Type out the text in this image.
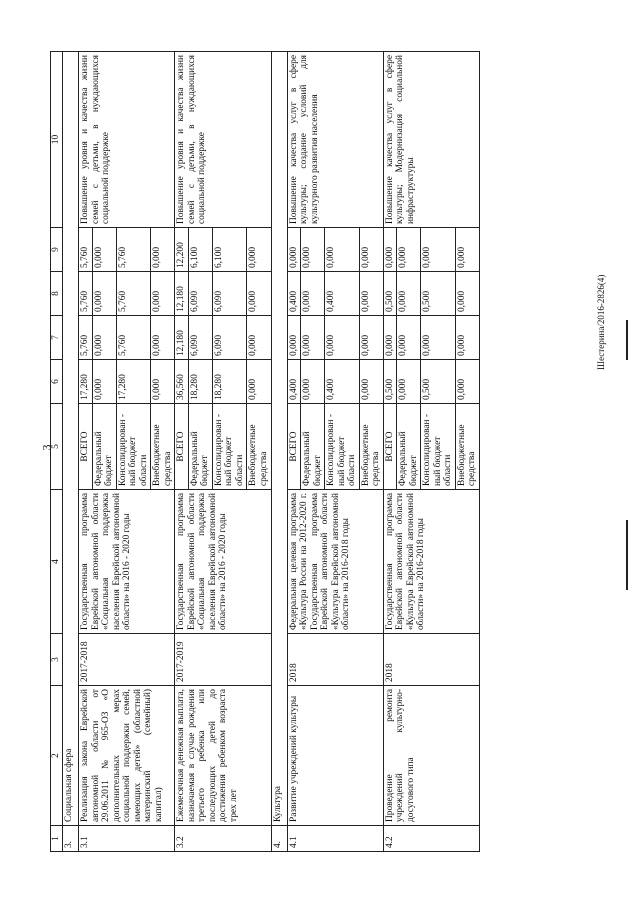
3
Шестерина/2016-2826(4)
1	2	3	4	5	6	7	8	9	10
3.	Социальная сфера								
3.1	Реализация закона Еврейской автономной области от 29.06.2011 № 965-ОЗ «О дополнительных мерах социальной поддержки семей, имеющих детей» (областной материнский (семейный) капитал)	2017-2018	Государственная программа Еврейской автономной области «Социальная поддержка населения Еврейской автономной области» на 2016 - 2020 годы	ВСЕГО	17,280	5,760	5,760	5,760	Повышение уровня и качества жизни семей с детьми, в нуждающихся социальной поддержке
				Федеральный бюджет	0,000	0,000	0,000	0,000	
				Консолидирован - ный бюджет области	17,280	5,760	5,760	5,760	
				Внебюджетные средства	0,000	0,000	0,000	0,000	
3.2	Ежемесячная денежная выплата, назначаемая в случае рождения третьего ребенка или последующих детей до достижения ребенком возраста трех лет	2017-2019	Государственная программа Еврейской автономной области «Социальная поддержка населения Еврейской автономной области» на 2016 - 2020 годы	ВСЕГО	36,560	12,180	12,180	12,200	Повышение уровня и качества жизни семей с детьми, в нуждающихся социальной поддержке
				Федеральный бюджет	18,280	6,090	6,090	6,100	
				Консолидирован - ный бюджет области	18,280	6,090	6,090	6,100	
				Внебюджетные средства	0,000	0,000	0,000	0,000	
4.	Культура								
4.1	Развитие учреждений культуры	2018	Федеральная целевая программа «Культура России на 2012-2020 г. Государственная программа Еврейской автономной области «Культура Еврейской автономной области» на 2016-2018 годы	ВСЕГО	0,400	0,000	0,400	0,000	Повышение качества услуг в сфере культуры; создание условий для культурного развития населения
				Федеральный бюджет	0,000	0,000	0,000	0,000	
				Консолидирован - ный бюджет области	0,400	0,000	0,400	0,000	
				Внебюджетные средства	0,000	0,000	0,000	0,000	
4.2	Проведение ремонта учреждений культурно-досугового типа	2018	Государственная программа Еврейской автономной области «Культура Еврейской автономной области» на 2016-2018 годы	ВСЕГО	0,500	0,000	0,500	0,000	Повышение качества услуг в сфере культуры; Модернизация социальной инфраструктуры
				Федеральный бюджет	0,000	0,000	0,000	0,000	
				Консолидирован - ный бюджет области	0,500	0,000	0,500	0,000	
				Внебюджетные средства	0,000	0,000	0,000	0,000	
